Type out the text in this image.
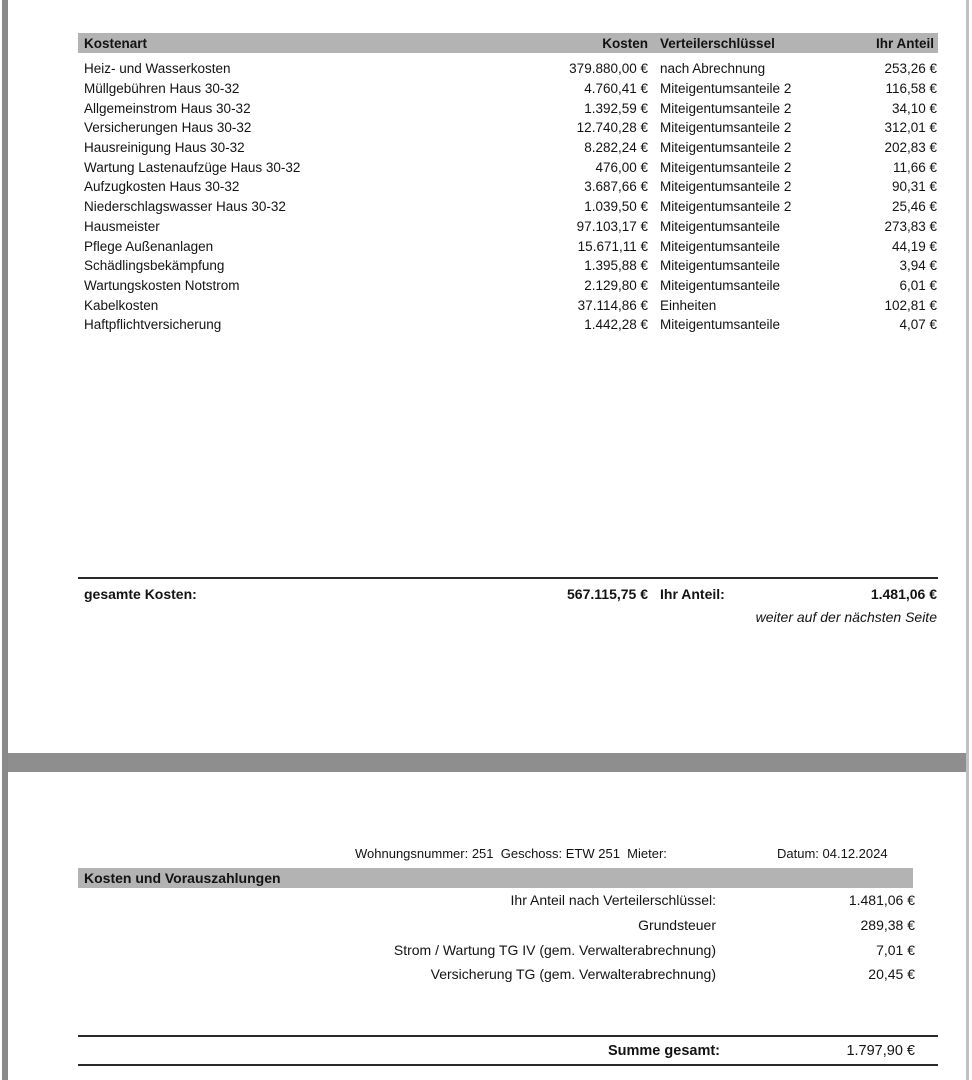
Kostenart	Kosten Verteilerschlüssel	Ihr Anteil
Heiz- und Wasserkosten	379.880,00 € nach Abrechnung	253,26 €
Müllgebühren Haus 30-32	4.760,41 € Miteigentumsanteile 2	116,58 €
Allgemeinstrom Haus 30-32	1.392,59 € Miteigentumsanteile 2	34,10 €
Versicherungen Haus 30-32	12.740,28 € Miteigentumsanteile 2	312,01 €
Hausreinigung Haus 30-32	8.282,24 € Miteigentumsanteile 2	202,83 €
Wartung Lastenaufzüge Haus 30-32	476,00 € Miteigentumsanteile 2	11,66 €
Aufzugkosten Haus 30-32	3.687,66 € Miteigentumsanteile 2	90,31 €
Niederschlagswasser Haus 30-32	1.039,50 € Miteigentumsanteile 2	25,46 €
Hausmeister	97.103,17 € Miteigentumsanteile	273,83 €
Pflege Außenanlagen	15.671,11 € Miteigentumsanteile	44,19 €
Schädlingsbekämpfung	1.395,88 € Miteigentumsanteile	3,94 €
Wartungskosten Notstrom	2.129,80 € Miteigentumsanteile	6,01 €
Kabelkosten	37.114,86 € Einheiten	102,81 €
Haftpflichtversicherung	1.442,28 € Miteigentumsanteile	4,07 €
gesamte Kosten:	567.115,75 € Ihr Anteil:	1.481,06 €
weiter auf der nächsten Seite
Wohnungsnummer: 251  Geschoss: ETW 251  Mieter:	Datum: 04.12.2024
Kosten und Vorauszahlungen
Ihr Anteil nach Verteilerschlüssel:	1.481,06 €
Grundsteuer	289,38 €
Strom / Wartung TG IV (gem. Verwalterabrechnung)	7,01 €
Versicherung TG (gem. Verwalterabrechnung)	20,45 €
Summe gesamt:	1.797,90 €
